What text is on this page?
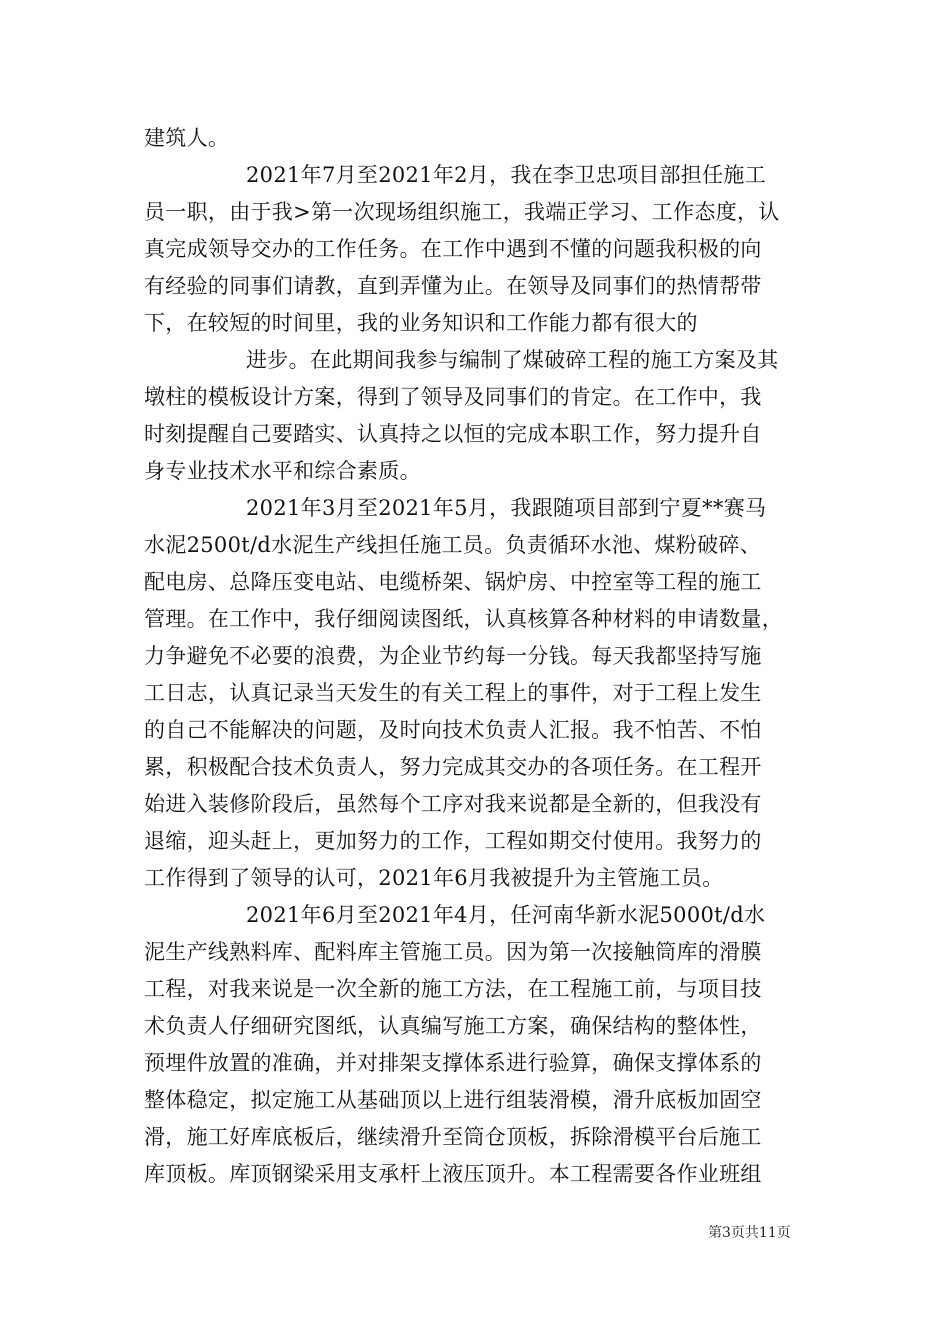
建筑人。
2021年7月至2021年2月，我在李卫忠项目部担任施工
员一职，由于我>第一次现场组织施工，我端正学习、工作态度，认
真完成领导交办的工作任务。在工作中遇到不懂的问题我积极的向
有经验的同事们请教，直到弄懂为止。在领导及同事们的热情帮带
下，在较短的时间里，我的业务知识和工作能力都有很大的
进步。在此期间我参与编制了煤破碎工程的施工方案及其
墩柱的模板设计方案，得到了领导及同事们的肯定。在工作中，我
时刻提醒自己要踏实、认真持之以恒的完成本职工作，努力提升自
身专业技术水平和综合素质。
2021年3月至2021年5月，我跟随项目部到宁夏**赛马
水泥2500t/d水泥生产线担任施工员。负责循环水池、煤粉破碎、
配电房、总降压变电站、电缆桥架、锅炉房、中控室等工程的施工
管理。在工作中，我仔细阅读图纸，认真核算各种材料的申请数量，
力争避免不必要的浪费，为企业节约每一分钱。每天我都坚持写施
工日志，认真记录当天发生的有关工程上的事件，对于工程上发生
的自己不能解决的问题，及时向技术负责人汇报。我不怕苦、不怕
累，积极配合技术负责人，努力完成其交办的各项任务。在工程开
始进入装修阶段后，虽然每个工序对我来说都是全新的，但我没有
退缩，迎头赶上，更加努力的工作，工程如期交付使用。我努力的
工作得到了领导的认可，2021年6月我被提升为主管施工员。
2021年6月至2021年4月，任河南华新水泥5000t/d水
泥生产线熟料库、配料库主管施工员。因为第一次接触筒库的滑膜
工程，对我来说是一次全新的施工方法，在工程施工前，与项目技
术负责人仔细研究图纸，认真编写施工方案，确保结构的整体性，
预埋件放置的准确，并对排架支撑体系进行验算，确保支撑体系的
整体稳定，拟定施工从基础顶以上进行组装滑模，滑升底板加固空
滑，施工好库底板后，继续滑升至筒仓顶板，拆除滑模平台后施工
库顶板。库顶钢梁采用支承杆上液压顶升。本工程需要各作业班组
第3页共11页
